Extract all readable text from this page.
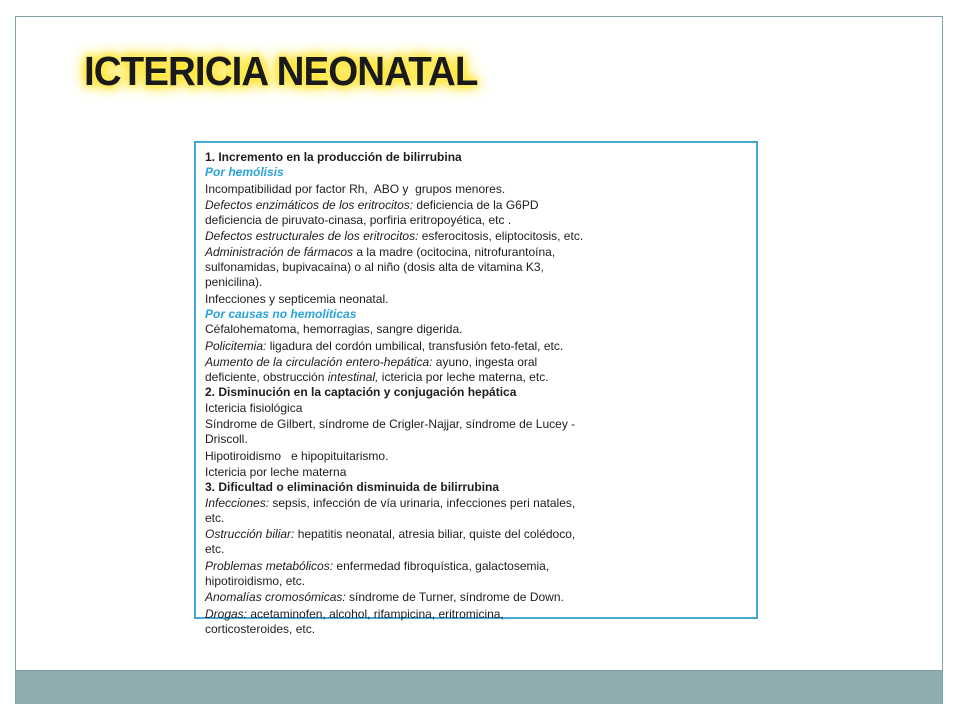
ICTERICIA NEONATAL

1. Incremento en la producción de bilirrubina

Por hemólisis

Incompatibilidad por factor Rh,  ABO y  grupos menores.

Defectos enzimáticos de los eritrocitos: deficiencia de la G6PD

deficiencia de piruvato-cinasa, porfiria eritropoyética, etc .

Defectos estructurales de los eritrocitos: esferocitosis, eliptocitosis, etc.

Administración de fármacos a la madre (ocitocina, nitrofurantoína,

sulfonamidas, bupivacaína) o al niño (dosis alta de vitamina K3,

penicilina).

Infecciones y septicemia neonatal.

Por causas no hemolíticas

Céfalohematoma, hemorragias, sangre digerida.

Policitemia: ligadura del cordón umbilical, transfusión feto-fetal, etc.

Aumento de la circulación entero-hepática: ayuno, ingesta oral

deficiente, obstrucción intestinal, ictericia por leche materna, etc.

2. Disminución en la captación y conjugación hepática

Ictericia fisiológica

Síndrome de Gilbert, síndrome de Crigler-Najjar, síndrome de Lucey -

Driscoll.

Hipotiroidismo   e hipopituitarismo.

Ictericia por leche materna

3. Dificultad o eliminación disminuida de bilirrubina

Infecciones: sepsis, infección de vía urinaria, infecciones peri natales,

etc.

Ostrucción biliar: hepatitis neonatal, atresia biliar, quiste del colédoco,

etc.

Problemas metabólicos: enfermedad fibroquística, galactosemia,

hipotiroidismo, etc.

Anomalías cromosómicas: síndrome de Turner, síndrome de Down.

Drogas: acetaminofen, alcohol, rifampicina, eritromicina,

corticosteroides, etc.
